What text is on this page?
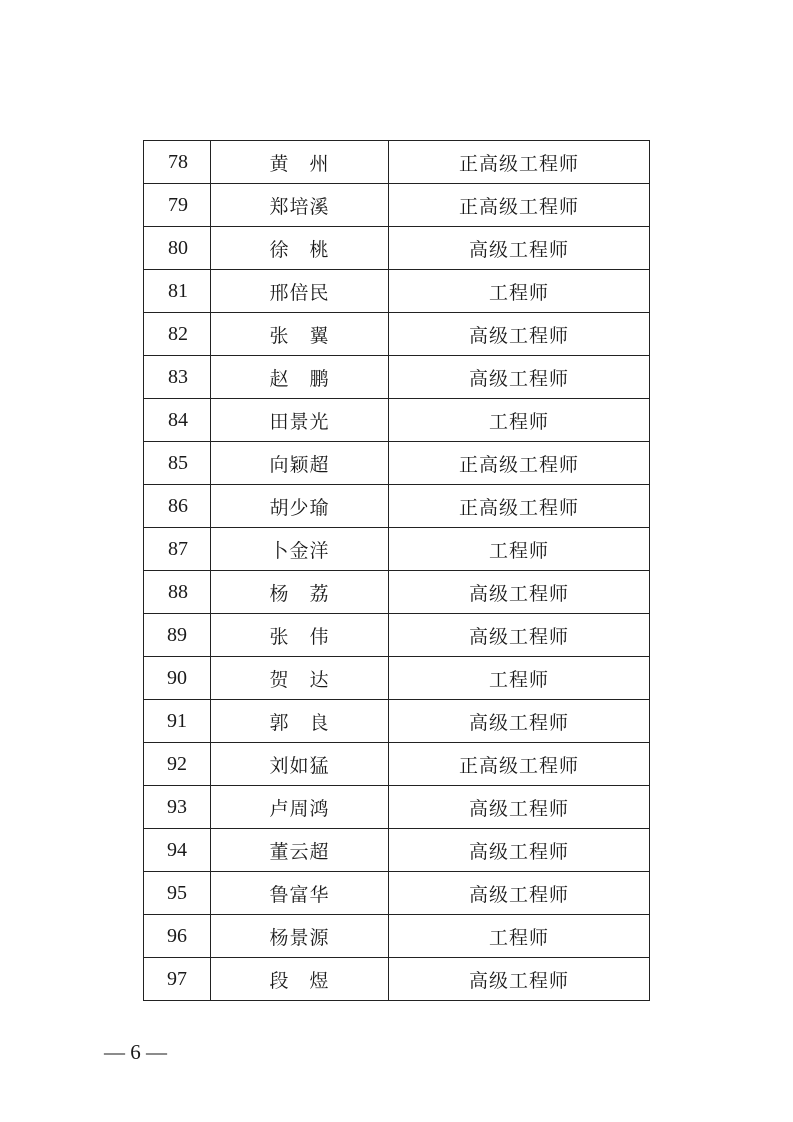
78	黄　州	正高级工程师
79	郑培溪	正高级工程师
80	徐　桃	高级工程师
81	邢倍民	工程师
82	张　翼	高级工程师
83	赵　鹏	高级工程师
84	田景光	工程师
85	向颖超	正高级工程师
86	胡少瑜	正高级工程师
87	卜金洋	工程师
88	杨　荔	高级工程师
89	张　伟	高级工程师
90	贺　达	工程师
91	郭　良	高级工程师
92	刘如猛	正高级工程师
93	卢周鸿	高级工程师
94	董云超	高级工程师
95	鲁富华	高级工程师
96	杨景源	工程师
97	段　煜	高级工程师
— 6 —
